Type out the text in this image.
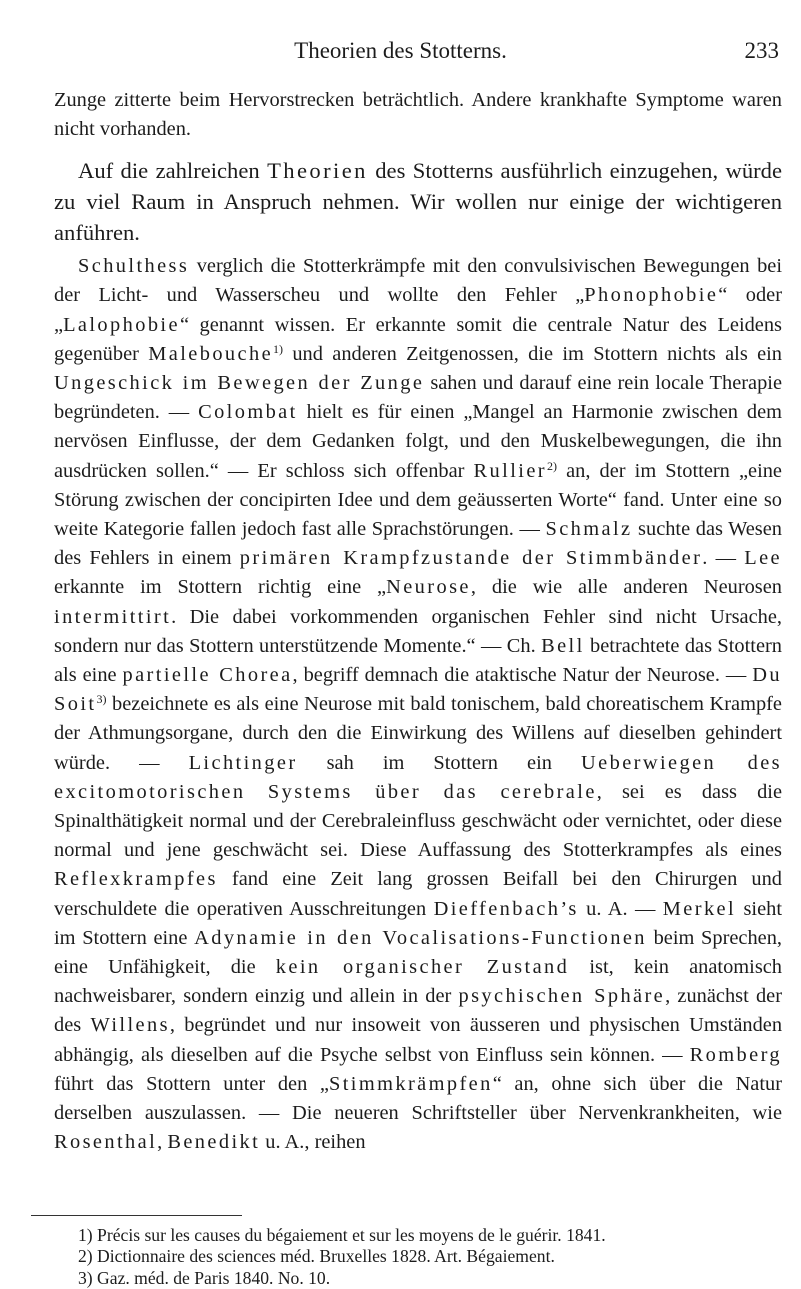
Theorien des Stotterns.	233

Zunge zitterte beim Hervorstrecken beträchtlich. Andere krankhafte Symptome waren nicht vorhanden.

Auf die zahlreichen Theorien des Stotterns ausführlich einzugehen, würde zu viel Raum in Anspruch nehmen. Wir wollen nur einige der wichtigeren anführen.

Schulthess verglich die Stotterkrämpfe mit den convulsivischen Bewegungen bei der Licht- und Wasserscheu und wollte den Fehler „Phonophobie“ oder „Lalophobie“ genannt wissen. Er erkannte somit die centrale Natur des Leidens gegenüber Malebouche$^{1)}$ und anderen Zeitgenossen, die im Stottern nichts als ein Ungeschick im Bewegen der Zunge sahen und darauf eine rein locale Therapie begründeten. — Colombat hielt es für einen „Mangel an Harmonie zwischen dem nervösen Einflusse, der dem Gedanken folgt, und den Muskelbewegungen, die ihn ausdrücken sollen.“ — Er schloss sich offenbar Rullier$^{2)}$ an, der im Stottern „eine Störung zwischen der concipirten Idee und dem geäusserten Worte“ fand. Unter eine so weite Kategorie fallen jedoch fast alle Sprachstörungen. — Schmalz suchte das Wesen des Fehlers in einem primären Krampfzustande der Stimmbänder. — Lee erkannte im Stottern richtig eine „Neurose, die wie alle anderen Neurosen intermittirt. Die dabei vorkommenden organischen Fehler sind nicht Ursache, sondern nur das Stottern unterstützende Momente.“ — Ch. Bell betrachtete das Stottern als eine partielle Chorea, begriff demnach die ataktische Natur der Neurose. — Du Soit$^{3)}$ bezeichnete es als eine Neurose mit bald tonischem, bald choreatischem Krampfe der Athmungsorgane, durch den die Einwirkung des Willens auf dieselben gehindert würde. — Lichtinger sah im Stottern ein Ueberwiegen des excitomotorischen Systems über das cerebrale, sei es dass die Spinalthätigkeit normal und der Cerebraleinfluss geschwächt oder vernichtet, oder diese normal und jene geschwächt sei. Diese Auffassung des Stotterkrampfes als eines Reflexkrampfes fand eine Zeit lang grossen Beifall bei den Chirurgen und verschuldete die operativen Ausschreitungen Dieffenbach’s u. A. — Merkel sieht im Stottern eine Adynamie in den Vocalisations-Functionen beim Sprechen, eine Unfähigkeit, die kein organischer Zustand ist, kein anatomisch nachweisbarer, sondern einzig und allein in der psychischen Sphäre, zunächst der des Willens, begründet und nur insoweit von äusseren und physischen Umständen abhängig, als dieselben auf die Psyche selbst von Einfluss sein können. — Romberg führt das Stottern unter den „Stimmkrämpfen“ an, ohne sich über die Natur derselben auszulassen. — Die neueren Schriftsteller über Nervenkrankheiten, wie Rosenthal, Benedikt u. A., reihen

1) Précis sur les causes du bégaiement et sur les moyens de le guérir. 1841.
2) Dictionnaire des sciences méd. Bruxelles 1828. Art. Bégaiement.
3) Gaz. méd. de Paris 1840. No. 10.
